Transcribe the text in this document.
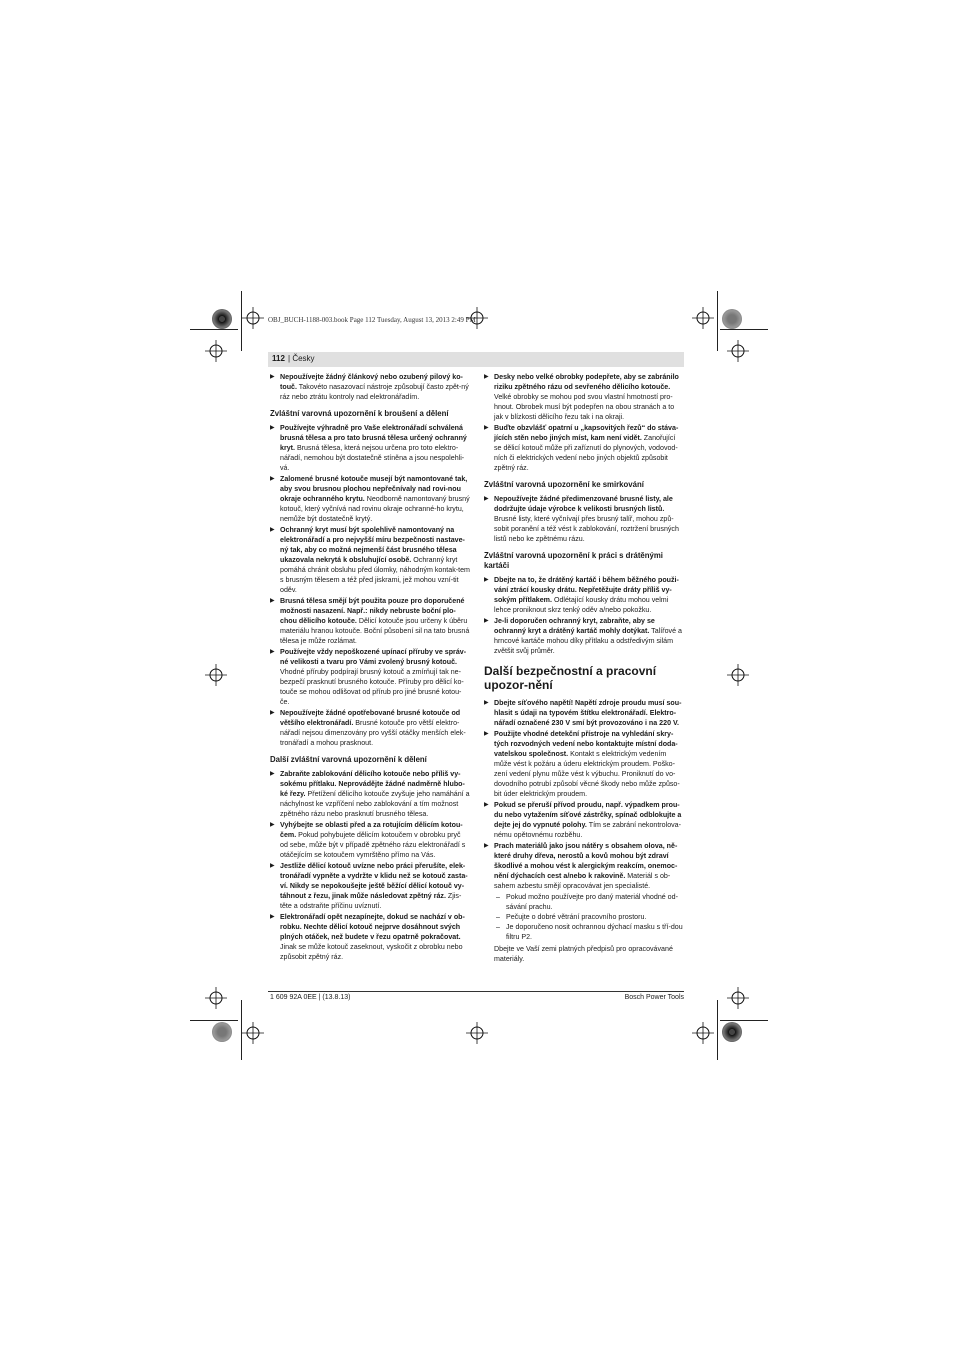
OBJ_BUCH-1188-003.book Page 112 Tuesday, August 13, 2013 2:49 PM
112 | Česky
▶ Nepoužívejte žádný článkový nebo ozubený pilový ko-touč. Takovéto nasazovací nástroje způsobují často zpět-ný ráz nebo ztrátu kontroly nad elektronářadím.
Zvláštní varovná upozornění k broušení a dělení
▶ Používejte výhradně pro Vaše elektronářadí schválená brusná tělesa a pro tato brusná tělesa určený ochranný kryt. Brusná tělesa, která nejsou určena pro toto elektro-nářadí, nemohou být dostatečně stíněna a jsou nespolehli-vá.
▶ Zalomené brusné kotouče musejí být namontované tak, aby svou brusnou plochou nepřečnívaly nad rovi-nou okraje ochranného krytu. Neodborně namontovaný brusný kotouč, který vyčnívá nad rovinu okraje ochranné-ho krytu, nemůže být dostatečně krytý.
▶ Ochranný kryt musí být spolehlivě namontovaný na elektronářadí a pro nejvyšší míru bezpečnosti nastave-ný tak, aby co možná nejmenší část brusného tělesa ukazovala nekrytá k obsluhující osobě. Ochranný kryt pomáhá chránit obsluhu před úlomky, náhodným kontak-tem s brusným tělesem a též před jiskrami, jež mohou vzní-tit oděv.
▶ Brusná tělesa smějí být použita pouze pro doporučené možnosti nasazení. Např.: nikdy nebruste boční plo-chou dělicího kotouče. Dělicí kotouče jsou určeny k úběru materiálu hranou kotouče. Boční působení sil na tato brusná tělesa je může rozlámat.
▶ Používejte vždy nepoškozené upínací příruby ve správ-né velikosti a tvaru pro Vámi zvolený brusný kotouč. Vhodné příruby podpírají brusný kotouč a zmírňují tak ne-bezpečí prasknutí brusného kotouče. Příruby pro dělicí ko-touče se mohou odlišovat od přírub pro jiné brusné kotou-če.
▶ Nepoužívejte žádné opotřebované brusné kotouče od většího elektronářadí. Brusné kotouče pro větší elektro-nářadí nejsou dimenzovány pro vyšší otáčky menších elek-tronářadí a mohou prasknout.
Další zvláštní varovná upozornění k dělení
▶ Zabraňte zablokování dělicího kotouče nebo příliš vy-sokému přítlaku. Neprovádějte žádné nadměrně hlubo-ké řezy. Přetížení dělicího kotouče zvyšuje jeho namáhání a náchylnost ke vzpříčení nebo zablokování a tím možnost zpětného rázu nebo prasknutí brusného tělesa.
▶ Vyhýbejte se oblasti před a za rotujícím dělicím kotou-čem. Pokud pohybujete dělicím kotoučem v obrobku pryč od sebe, může být v případě zpětného rázu elektronářadí s otáčejícím se kotoučem vymrštěno přímo na Vás.
▶ Jestliže dělicí kotouč uvízne nebo práci přerušíte, elek-tronářadí vypněte a vydržte v klidu než se kotouč zasta-ví. Nikdy se nepokoušejte ještě běžící dělicí kotouč vy-táhnout z řezu, jinak může následovat zpětný ráz. Zjis-těte a odstraňte příčinu uvíznutí.
▶ Elektronářadí opět nezapínejte, dokud se nachází v ob-robku. Nechte dělicí kotouč nejprve dosáhnout svých plných otáček, než budete v řezu opatrně pokračovat. Jinak se může kotouč zaseknout, vyskočit z obrobku nebo způsobit zpětný ráz.
▶ Desky nebo velké obrobky podepřete, aby se zabránilo riziku zpětného rázu od sevřeného dělicího kotouče. Velké obrobky se mohou pod svou vlastní hmotností pro-hnout. Obrobek musí být podepřen na obou stranách a to jak v blízkosti dělicího řezu tak i na okraji.
▶ Buďte obzvlášť opatrní u „kapsovitých řezů“ do stáva-jících stěn nebo jiných míst, kam není vidět. Zanořující se dělicí kotouč může při zaříznutí do plynových, vodovod-ních či elektrických vedení nebo jiných objektů způsobit zpětný ráz.
Zvláštní varovná upozornění ke smirkování
▶ Nepoužívejte žádné předimenzované brusné listy, ale dodržujte údaje výrobce k velikosti brusných listů. Brusné listy, které vyčnívají přes brusný talíř, mohou způ-sobit poranění a též vést k zablokování, roztržení brusných listů nebo ke zpětnému rázu.
Zvláštní varovná upozornění k práci s drátěnými kartáči
▶ Dbejte na to, že drátěný kartáč i během běžného použi-vání ztrácí kousky drátu. Nepřetěžujte dráty příliš vy-sokým přítlakem. Odlétající kousky drátu mohou velmi lehce proniknout skrz tenký oděv a/nebo pokožku.
▶ Je-li doporučen ochranný kryt, zabraňte, aby se ochranný kryt a drátěný kartáč mohly dotýkat. Talířové a hrncové kartáče mohou díky přítlaku a odstředivým silám zvětšit svůj průměr.
Další bezpečnostní a pracovní upozor-nění
▶ Dbejte síťového napětí! Napětí zdroje proudu musí sou-hlasit s údaji na typovém štítku elektronářadí. Elektro-nářadí označené 230 V smí být provozováno i na 220 V.
▶ Použijte vhodné detekční přístroje na vyhledání skry-tých rozvodných vedení nebo kontaktujte místní doda-vatelskou společnost. Kontakt s elektrickým vedením může vést k požáru a úderu elektrickým proudem. Poško-zení vedení plynu může vést k výbuchu. Proniknutí do vo-dovodního potrubí způsobí věcné škody nebo může způso-bit úder elektrickým proudem.
▶ Pokud se přeruší přívod proudu, např. výpadkem prou-du nebo vytažením síťové zástrčky, spínač odblokujte a dejte jej do vypnuté polohy. Tím se zabrání nekontrolova-nému opětovnému rozběhu.
▶ Prach materiálů jako jsou nátěry s obsahem olova, ně-které druhy dřeva, nerostů a kovů mohou být zdraví škodlivé a mohou vést k alergickým reakcím, onemoc-nění dýchacích cest a/nebo k rakovině. Materiál s ob-sahem azbestu smějí opracovávat jen specialisté.
– Pokud možno používejte pro daný materiál vhodné od-sávání prachu.
– Pečujte o dobré větrání pracovního prostoru.
– Je doporučeno nosit ochrannou dýchací masku s tří-dou filtru P2.
Dbejte ve Vaší zemi platných předpisů pro opracovávané materiály.
1 609 92A 0EE | (13.8.13)	Bosch Power Tools
